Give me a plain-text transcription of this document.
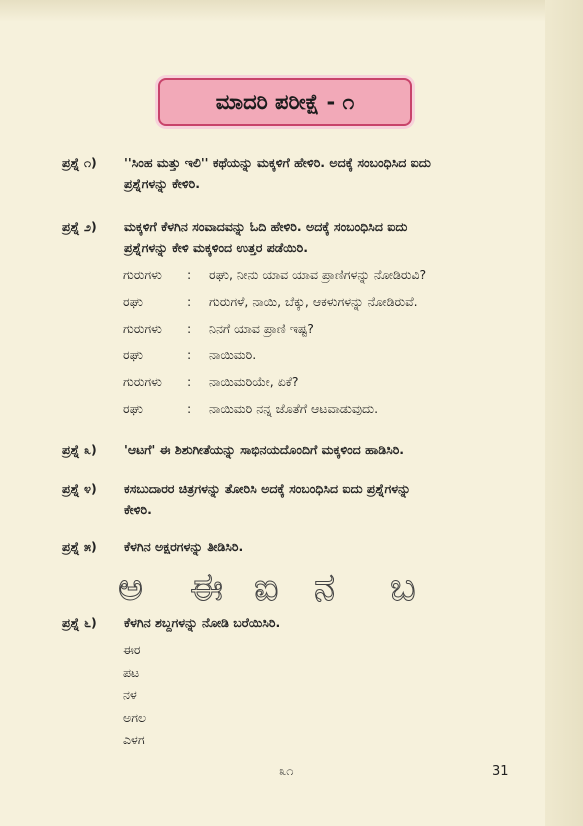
ಮಾದರಿ ಪರೀಕ್ಷೆ - ೧
ಪ್ರಶ್ನೆ ೧) ''ಸಿಂಹ ಮತ್ತು ಇಲಿ'' ಕಥೆಯನ್ನು ಮಕ್ಕಳಿಗೆ ಹೇಳಿರಿ. ಅದಕ್ಕೆ ಸಂಬಂಧಿಸಿದ ಐದು
ಪ್ರಶ್ನೆಗಳನ್ನು ಕೇಳಿರಿ.
ಪ್ರಶ್ನೆ ೨) ಮಕ್ಕಳಿಗೆ ಕೆಳಗಿನ ಸಂವಾದವನ್ನು ಓದಿ ಹೇಳಿರಿ. ಅದಕ್ಕೆ ಸಂಬಂಧಿಸಿದ ಐದು
ಪ್ರಶ್ನೆಗಳನ್ನು ಕೇಳಿ ಮಕ್ಕಳಿಂದ ಉತ್ತರ ಪಡೆಯಿರಿ.
ಗುರುಗಳು : ರಘು, ನೀನು ಯಾವ ಯಾವ ಪ್ರಾಣಿಗಳನ್ನು ನೋಡಿರುವಿ?
ರಘು	: ಗುರುಗಳೆ, ನಾಯಿ, ಬೆಕ್ಕು, ಆಕಳುಗಳನ್ನು ನೋಡಿರುವೆ.
ಗುರುಗಳು : ನಿನಗೆ ಯಾವ ಪ್ರಾಣಿ ಇಷ್ಟ?
ರಘು	: ನಾಯಿಮರಿ.
ಗುರುಗಳು : ನಾಯಿಮರಿಯೇ, ಏಕೆ?
ರಘು	: ನಾಯಿಮರಿ ನನ್ನ ಜೊತೆಗೆ ಆಟವಾಡುವುದು.
ಪ್ರಶ್ನೆ ೩) 'ಆಟಗೆ' ಈ ಶಿಶುಗೀತೆಯನ್ನು ಸಾಭಿನಯದೊಂದಿಗೆ ಮಕ್ಕಳಿಂದ ಹಾಡಿಸಿರಿ.
ಪ್ರಶ್ನೆ ೪) ಕಸಬುದಾರರ ಚಿತ್ರಗಳನ್ನು ತೋರಿಸಿ ಅದಕ್ಕೆ ಸಂಬಂಧಿಸಿದ ಐದು ಪ್ರಶ್ನೆಗಳನ್ನು
ಕೇಳಿರಿ.
ಪ್ರಶ್ನೆ ೫) ಕೆಳಗಿನ ಅಕ್ಷರಗಳನ್ನು ತೀಡಿಸಿರಿ.
ಅ ಈ ಐ ನ ಬ
ಪ್ರಶ್ನೆ ೬) ಕೆಳಗಿನ ಶಬ್ದಗಳನ್ನು ನೋಡಿ ಬರೆಯಿಸಿರಿ.
ಈರ
ಪಟ
ನಳ
ಅಗಲ
ಎಳಗ
೩೧	31
